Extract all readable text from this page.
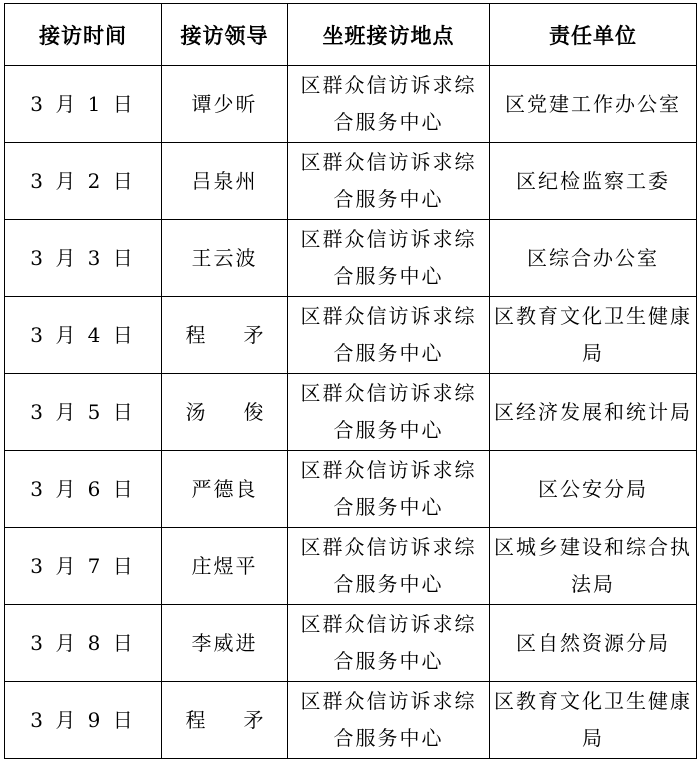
接访时间	接访领导	坐班接访地点	责任单位
3 月 1 日	谭少昕	区群众信访诉求综合服务中心	区党建工作办公室
3 月 2 日	吕泉州	区群众信访诉求综合服务中心	区纪检监察工委
3 月 3 日	王云波	区群众信访诉求综合服务中心	区综合办公室
3 月 4 日	程 矛	区群众信访诉求综合服务中心	区教育文化卫生健康局
3 月 5 日	汤 俊	区群众信访诉求综合服务中心	区经济发展和统计局
3 月 6 日	严德良	区群众信访诉求综合服务中心	区公安分局
3 月 7 日	庄煜平	区群众信访诉求综合服务中心	区城乡建设和综合执法局
3 月 8 日	李威进	区群众信访诉求综合服务中心	区自然资源分局
3 月 9 日	程 矛	区群众信访诉求综合服务中心	区教育文化卫生健康局
